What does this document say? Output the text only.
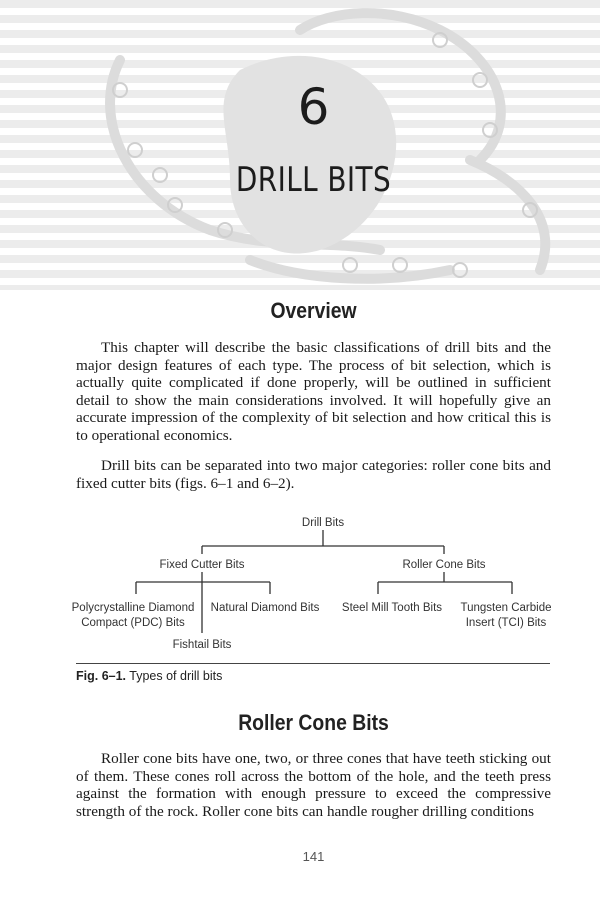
6
DRILL BITS
Overview

This chapter will describe the basic classifications of drill bits and the major design features of each type. The process of bit selection, which is actually quite complicated if done properly, will be outlined in sufficient detail to show the main considerations involved. It will hopefully give an accurate impression of the complexity of bit selection and how critical this is to operational economics.

Drill bits can be separated into two major categories: roller cone bits and fixed cutter bits (figs. 6–1 and 6–2).

Drill Bits
Fixed Cutter Bits	Roller Cone Bits
Polycrystalline Diamond
Compact (PDC) Bits
Natural Diamond Bits
Fishtail Bits
Steel Mill Tooth Bits Tungsten Carbide
Insert (TCI) Bits
Fig. 6–1. Types of drill bits
Roller Cone Bits

Roller cone bits have one, two, or three cones that have teeth sticking out of them. These cones roll across the bottom of the hole, and the teeth press against the formation with enough pressure to exceed the compressive strength of the rock. Roller cone bits can handle rougher drilling conditions

141
